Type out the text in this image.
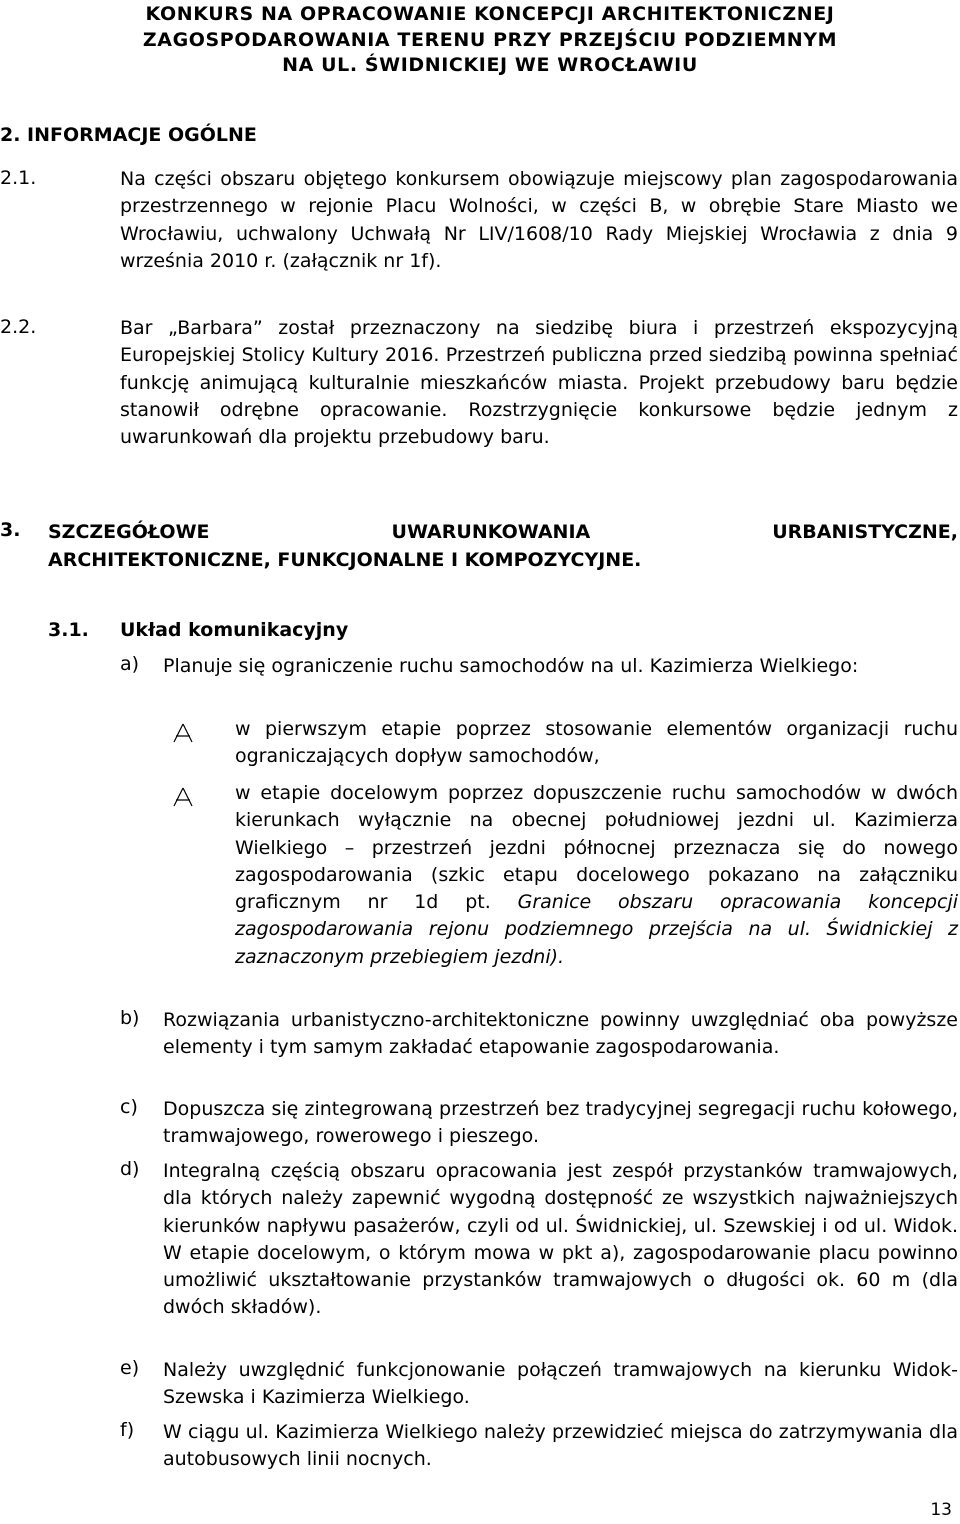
KONKURS NA OPRACOWANIE KONCEPCJI ARCHITEKTONICZNEJ
ZAGOSPODAROWANIA TERENU PRZY PRZEJŚCIU PODZIEMNYM
NA UL. ŚWIDNICKIEJ WE WROCŁAWIU
2. INFORMACJE OGÓLNE
2.1.	Na części obszaru objętego konkursem obowiązuje miejscowy plan zagospodarowania przestrzennego w rejonie Placu Wolności, w części B, w obrębie Stare Miasto we Wrocławiu, uchwalony Uchwałą Nr LIV/1608/10 Rady Miejskiej Wrocławia z dnia 9 września 2010 r. (załącznik nr 1f).
2.2.	Bar „Barbara” został przeznaczony na siedzibę biura i przestrzeń ekspozycyjną Europejskiej Stolicy Kultury 2016. Przestrzeń publiczna przed siedzibą powinna spełniać funkcję animującą kulturalnie mieszkańców miasta. Projekt przebudowy baru będzie stanowił odrębne opracowanie. Rozstrzygnięcie konkursowe będzie jednym z uwarunkowań dla projektu przebudowy baru.
3. SZCZEGÓŁOWE UWARUNKOWANIA URBANISTYCZNE,
ARCHITEKTONICZNE, FUNKCJONALNE I KOMPOZYCYJNE.
3.1. Układ komunikacyjny
a) Planuje się ograniczenie ruchu samochodów na ul. Kazimierza Wielkiego:
w pierwszym etapie poprzez stosowanie elementów organizacji ruchu ograniczających dopływ samochodów,
w etapie docelowym poprzez dopuszczenie ruchu samochodów w dwóch kierunkach wyłącznie na obecnej południowej jezdni ul. Kazimierza Wielkiego – przestrzeń jezdni północnej przeznacza się do nowego zagospodarowania (szkic etapu docelowego pokazano na załączniku graficznym nr 1d pt. Granice obszaru opracowania koncepcji zagospodarowania rejonu podziemnego przejścia na ul. Świdnickiej z zaznaczonym przebiegiem jezdni).
b) Rozwiązania urbanistyczno-architektoniczne powinny uwzględniać oba powyższe elementy i tym samym zakładać etapowanie zagospodarowania.
c) Dopuszcza się zintegrowaną przestrzeń bez tradycyjnej segregacji ruchu kołowego, tramwajowego, rowerowego i pieszego.
d) Integralną częścią obszaru opracowania jest zespół przystanków tramwajowych, dla których należy zapewnić wygodną dostępność ze wszystkich najważniejszych kierunków napływu pasażerów, czyli od ul. Świdnickiej, ul. Szewskiej i od ul. Widok. W etapie docelowym, o którym mowa w pkt a), zagospodarowanie placu powinno umożliwić ukształtowanie przystanków tramwajowych o długości ok. 60 m (dla dwóch składów).
e) Należy uwzględnić funkcjonowanie połączeń tramwajowych na kierunku Widok-Szewska i Kazimierza Wielkiego.
f) W ciągu ul. Kazimierza Wielkiego należy przewidzieć miejsca do zatrzymywania dla autobusowych linii nocnych.
13
